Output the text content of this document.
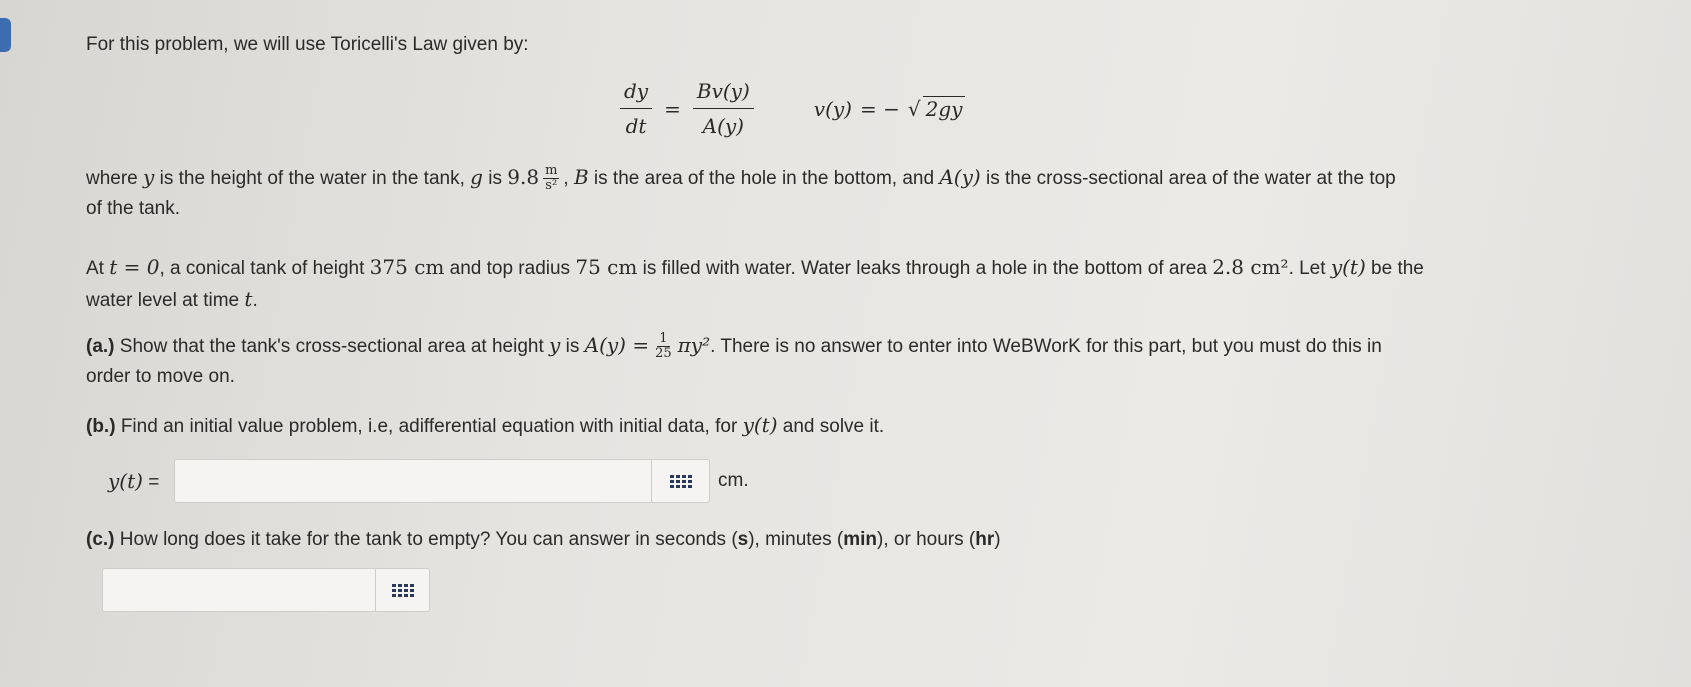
For this problem, we will use Toricelli's Law given by:
$\frac{dy}{dt} = \frac{Bv(y)}{A(y)}$	v(y) = − √ 2gy
where y is the height of the water in the tank, g is $9.8 \frac{m}{\text{s²}}$ , B is the area of the hole in the bottom, and A(y) is the cross-sectional area of the water at the top
of the tank.
At t = 0, a conical tank of height 375 cm and top radius 75 cm is filled with water. Water leaks through a hole in the bottom of area 2.8 cm². Let y(t) be the
water level at time t.
(a.) Show that the tank's cross-sectional area at height y is $A(y) = \frac{1}{25} \pi y^2$. There is no answer to enter into WeBWorK for this part, but you must do this in
order to move on.
(b.) Find an initial value problem, i.e, adifferential equation with initial data, for y(t) and solve it.
y(t) =	cm.
(c.) How long does it take for the tank to empty? You can answer in seconds (s), minutes (min), or hours (hr)
